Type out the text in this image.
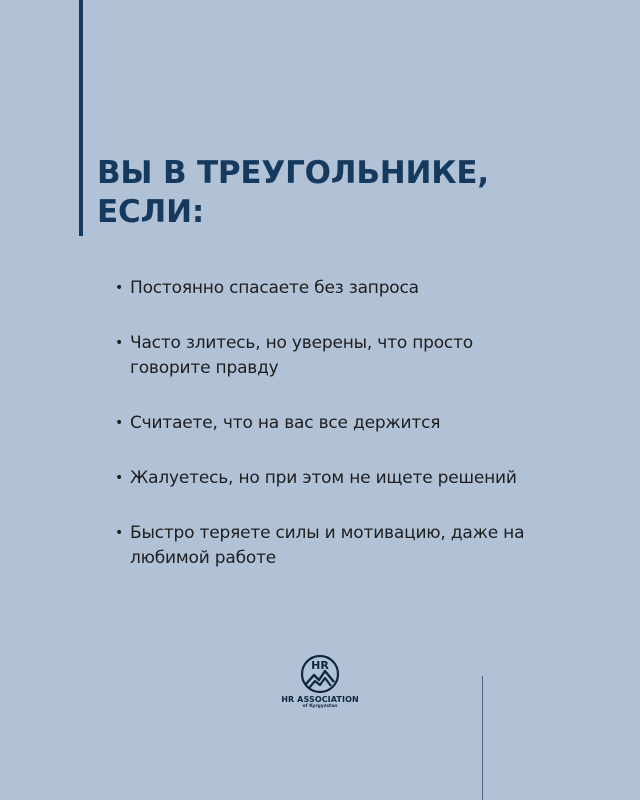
ВЫ В ТРЕУГОЛЬНИКЕ,
ЕСЛИ:
• Постоянно спасаете без запроса
• Часто злитесь, но уверены, что просто говорите правду
• Считаете, что на вас все держится
• Жалуетесь, но при этом не ищете решений
• Быстро теряете силы и мотивацию, даже на любимой работе
HR
HR ASSOCIATION
of Kyrgyzstan
